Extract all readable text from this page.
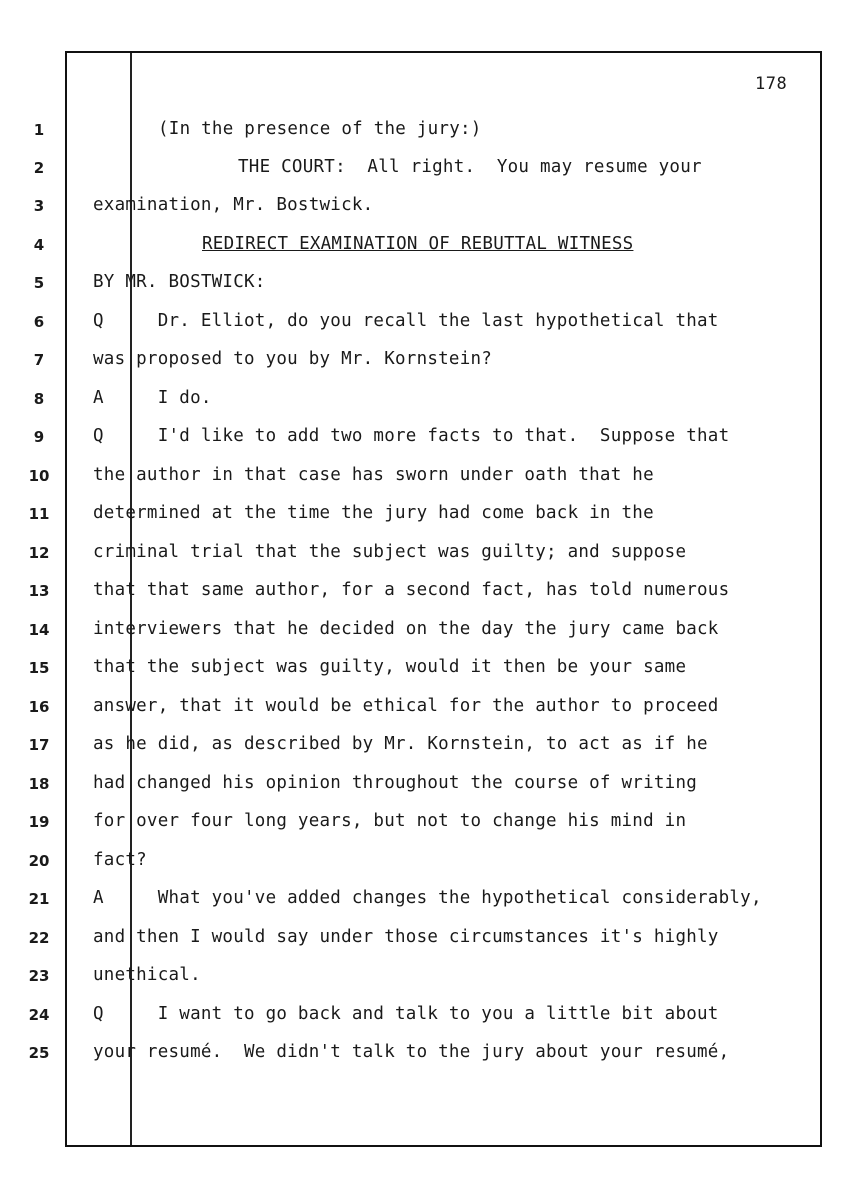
178
1
2
3
4
5
6
7
8
9
10
11
12
13
14
15
16
17
18
19
20
21
22
23
24
25
(In the presence of the jury:)
THE COURT:  All right.  You may resume your
examination, Mr. Bostwick.
REDIRECT EXAMINATION OF REBUTTAL WITNESS
BY MR. BOSTWICK:
Q     Dr. Elliot, do you recall the last hypothetical that
was proposed to you by Mr. Kornstein?
A     I do.
Q     I'd like to add two more facts to that.  Suppose that
the author in that case has sworn under oath that he
determined at the time the jury had come back in the
criminal trial that the subject was guilty; and suppose
that that same author, for a second fact, has told numerous
interviewers that he decided on the day the jury came back
that the subject was guilty, would it then be your same
answer, that it would be ethical for the author to proceed
as he did, as described by Mr. Kornstein, to act as if he
had changed his opinion throughout the course of writing
for over four long years, but not to change his mind in
fact?
A     What you've added changes the hypothetical considerably,
and then I would say under those circumstances it's highly
unethical.
Q     I want to go back and talk to you a little bit about
your resumé.  We didn't talk to the jury about your resumé,
